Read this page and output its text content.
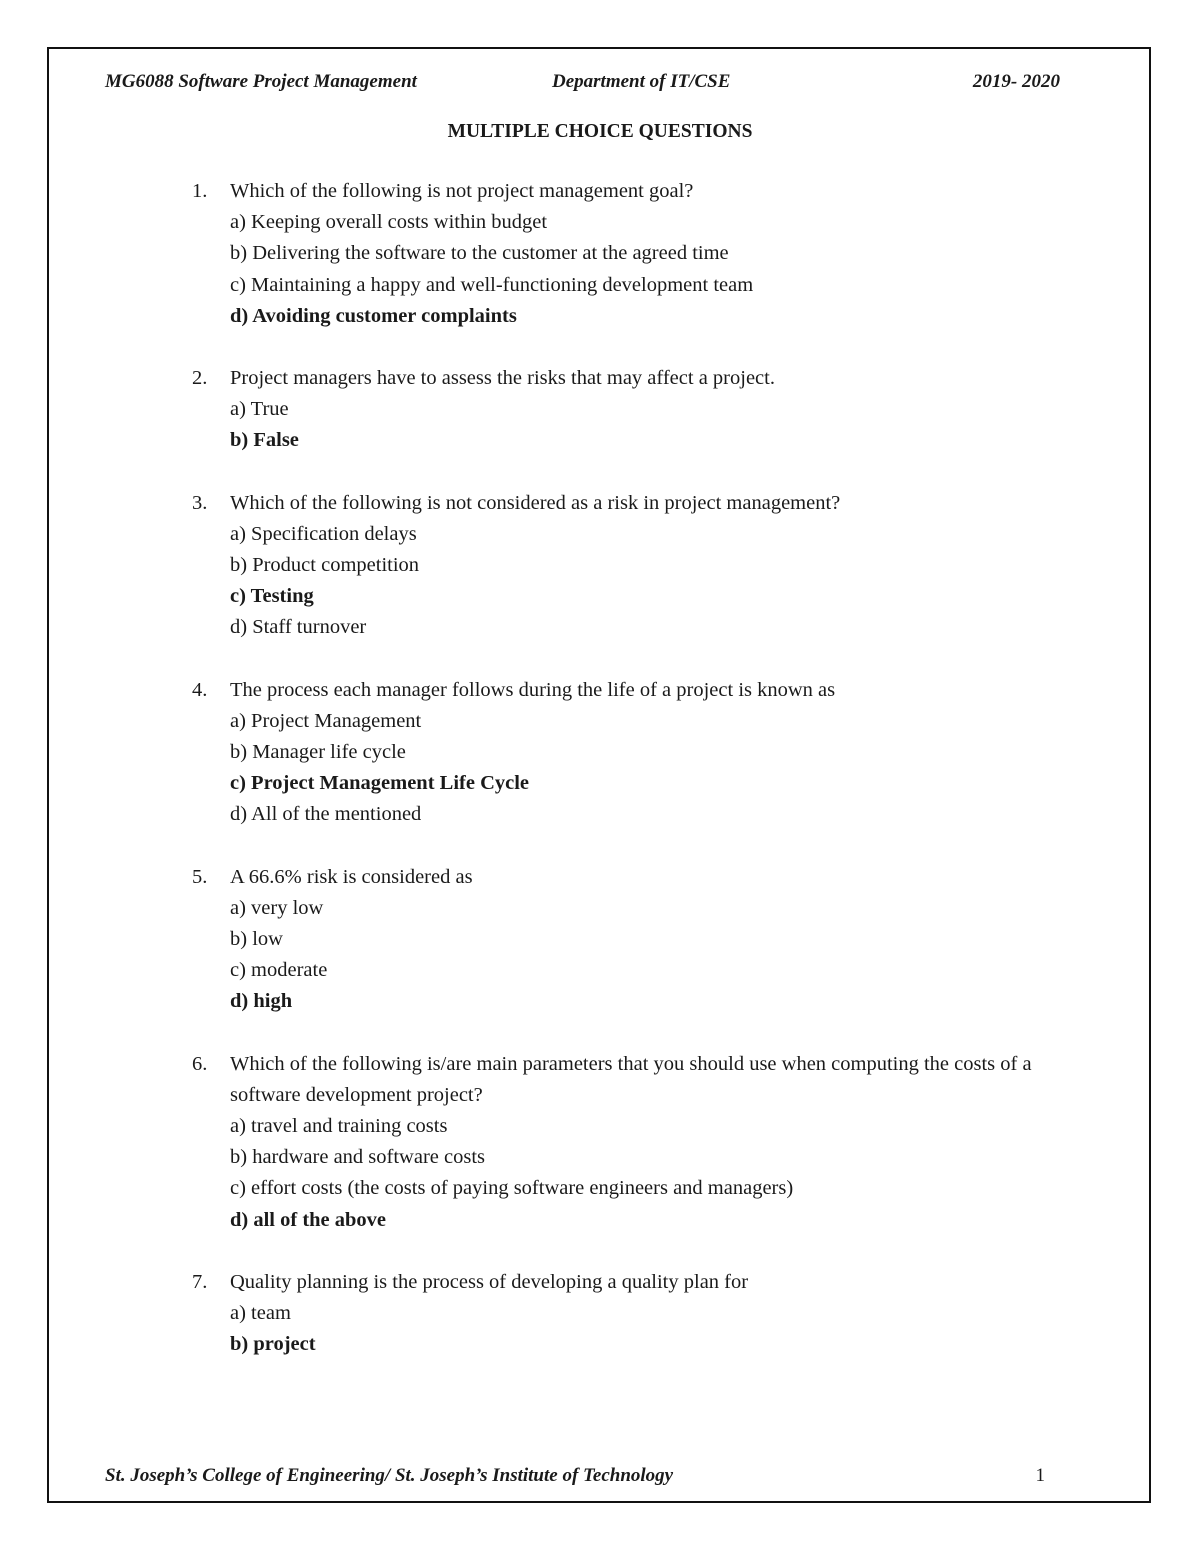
MG6088 Software Project Management	Department of IT/CSE	2019- 2020
MULTIPLE CHOICE QUESTIONS
1. Which of the following is not project management goal?
a) Keeping overall costs within budget
b) Delivering the software to the customer at the agreed time
c) Maintaining a happy and well-functioning development team
d) Avoiding customer complaints
2. Project managers have to assess the risks that may affect a project.
a) True
b) False
3. Which of the following is not considered as a risk in project management?
a) Specification delays
b) Product competition
c) Testing
d) Staff turnover
4. The process each manager follows during the life of a project is known as
a) Project Management
b) Manager life cycle
c) Project Management Life Cycle
d) All of the mentioned
5. A 66.6% risk is considered as
a) very low
b) low
c) moderate
d) high
6. Which of the following is/are main parameters that you should use when computing the costs of a software development project?
a) travel and training costs
b) hardware and software costs
c) effort costs (the costs of paying software engineers and managers)
d) all of the above
7. Quality planning is the process of developing a quality plan for
a) team
b) project
St. Joseph’s College of Engineering/ St. Joseph’s Institute of Technology	1
